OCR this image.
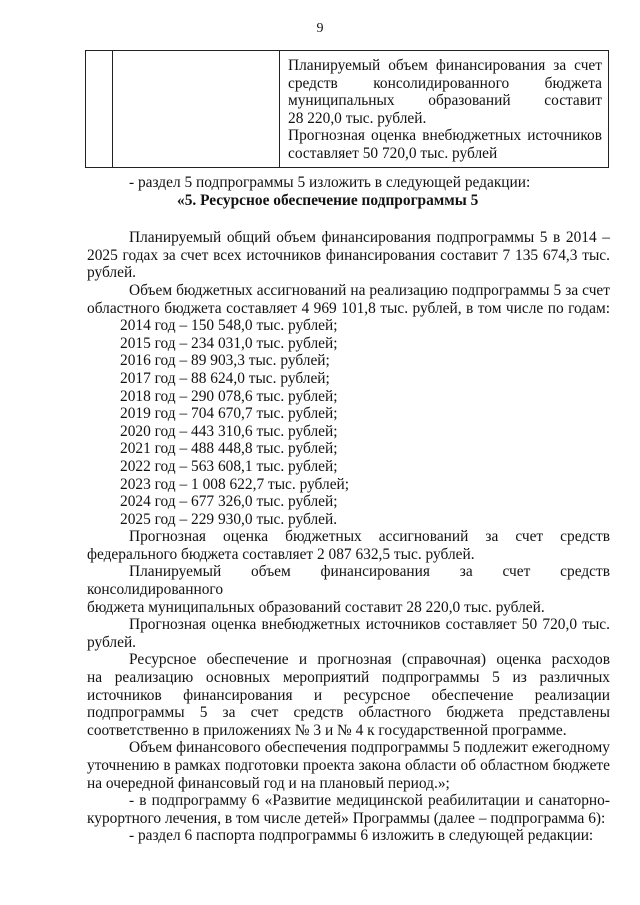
9

Планируемый объем финансирования за счет
средств консолидированного бюджета
муниципальных образований составит
28 220,0 тыс. рублей.
Прогнозная оценка внебюджетных источников
составляет 50 720,0 тыс. рублей
- раздел 5 подпрограммы 5 изложить в следующей редакции:
«5. Ресурсное обеспечение подпрограммы 5
Планируемый общий объем финансирования подпрограммы 5 в 2014 –
2025 годах за счет всех источников финансирования составит 7 135 674,3 тыс.
рублей.
Объем бюджетных ассигнований на реализацию подпрограммы 5 за счет
областного бюджета составляет 4 969 101,8 тыс. рублей, в том числе по годам:
2014 год – 150 548,0 тыс. рублей;
2015 год – 234 031,0 тыс. рублей;
2016 год – 89 903,3 тыс. рублей;
2017 год – 88 624,0 тыс. рублей;
2018 год – 290 078,6 тыс. рублей;
2019 год – 704 670,7 тыс. рублей;
2020 год – 443 310,6 тыс. рублей;
2021 год – 488 448,8 тыс. рублей;
2022 год – 563 608,1 тыс. рублей;
2023 год – 1 008 622,7 тыс. рублей;
2024 год – 677 326,0 тыс. рублей;
2025 год – 229 930,0 тыс. рублей.
Прогнозная оценка бюджетных ассигнований за счет средств
федерального бюджета составляет 2 087 632,5 тыс. рублей.
Планируемый объем финансирования за счет средств консолидированного
бюджета муниципальных образований составит 28 220,0 тыс. рублей.
Прогнозная оценка внебюджетных источников составляет 50 720,0 тыс.
рублей.
Ресурсное обеспечение и прогнозная (справочная) оценка расходов
на реализацию основных мероприятий подпрограммы 5 из различных
источников финансирования и ресурсное обеспечение реализации
подпрограммы 5 за счет средств областного бюджета представлены
соответственно в приложениях № 3 и № 4 к государственной программе.
Объем финансового обеспечения подпрограммы 5 подлежит ежегодному
уточнению в рамках подготовки проекта закона области об областном бюджете
на очередной финансовый год и на плановый период.»;
- в подпрограмму 6 «Развитие медицинской реабилитации и санаторно-
курортного лечения, в том числе детей» Программы (далее – подпрограмма 6):
- раздел 6 паспорта подпрограммы 6 изложить в следующей редакции:
